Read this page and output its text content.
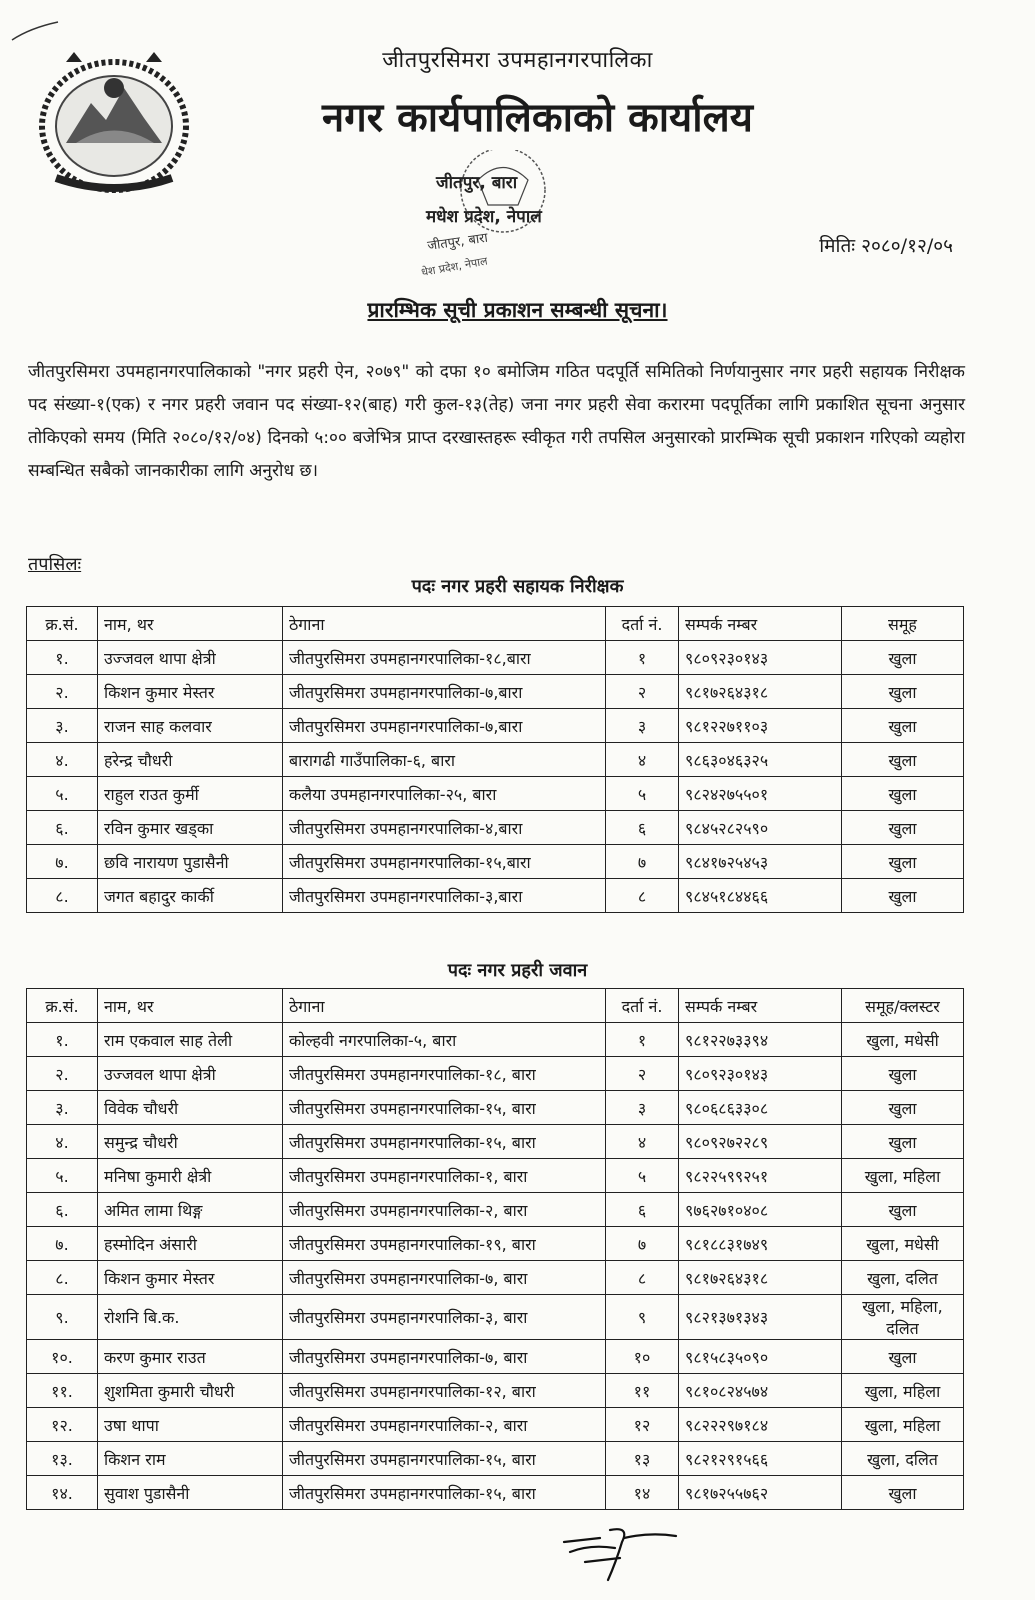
जीतपुरसिमरा उपमहानगरपालिका
नगर कार्यपालिकाको कार्यालय
जीतपुर, बारा
मधेश प्रदेश, नेपाल
जीतपुर, बारा
धेश प्रदेश, नेपाल
मितिः २०८०/१२/०५
प्रारम्भिक सूची प्रकाशन सम्बन्धी सूचना।
जीतपुरसिमरा उपमहानगरपालिकाको "नगर प्रहरी ऐन, २०७९" को दफा १० बमोजिम गठित पदपूर्ति समितिको निर्णयानुसार नगर प्रहरी सहायक निरीक्षक पद संख्या-१(एक) र नगर प्रहरी जवान पद संख्या-१२(बाह) गरी कुल-१३(तेह) जना नगर प्रहरी सेवा करारमा पदपूर्तिका लागि प्रकाशित सूचना अनुसार तोकिएको समय (मिति २०८०/१२/०४) दिनको ५:०० बजेभित्र प्राप्त दरखास्तहरू स्वीकृत गरी तपसिल अनुसारको प्रारम्भिक सूची प्रकाशन गरिएको व्यहोरा सम्बन्धित सबैको जानकारीका लागि अनुरोध छ।
तपसिलः
पदः नगर प्रहरी सहायक निरीक्षक
क्र.सं.	नाम, थर	ठेगाना	दर्ता नं.	सम्पर्क नम्बर	समूह
१.	उज्जवल थापा क्षेत्री	जीतपुरसिमरा उपमहानगरपालिका-१८,बारा	१	९८०९२३०१४३	खुला
२.	किशन कुमार मेस्तर	जीतपुरसिमरा उपमहानगरपालिका-७,बारा	२	९८१७२६४३१८	खुला
३.	राजन साह कलवार	जीतपुरसिमरा उपमहानगरपालिका-७,बारा	३	९८१२२७११०३	खुला
४.	हरेन्द्र चौधरी	बारागढी गाउँपालिका-६, बारा	४	९८६३०४६३२५	खुला
५.	राहुल राउत कुर्मी	कलैया उपमहानगरपालिका-२५, बारा	५	९८२४२७५५०१	खुला
६.	रविन कुमार खड्का	जीतपुरसिमरा उपमहानगरपालिका-४,बारा	६	९८४५२८२५९०	खुला
७.	छवि नारायण पुडासैनी	जीतपुरसिमरा उपमहानगरपालिका-१५,बारा	७	९८४१७२५४५३	खुला
८.	जगत बहादुर कार्की	जीतपुरसिमरा उपमहानगरपालिका-३,बारा	८	९८४५१८४४६६	खुला
पदः नगर प्रहरी जवान
क्र.सं.	नाम, थर	ठेगाना	दर्ता नं.	सम्पर्क नम्बर	समूह/क्लस्टर
१.	राम एकवाल साह तेली	कोल्हवी नगरपालिका-५, बारा	१	९८१२२७३३९४	खुला, मधेसी
२.	उज्जवल थापा क्षेत्री	जीतपुरसिमरा उपमहानगरपालिका-१८, बारा	२	९८०९२३०१४३	खुला
३.	विवेक चौधरी	जीतपुरसिमरा उपमहानगरपालिका-१५, बारा	३	९८०६८६३३०८	खुला
४.	समुन्द्र चौधरी	जीतपुरसिमरा उपमहानगरपालिका-१५, बारा	४	९८०९२७२२८९	खुला
५.	मनिषा कुमारी क्षेत्री	जीतपुरसिमरा उपमहानगरपालिका-१, बारा	५	९८२२५९९२५१	खुला, महिला
६.	अमित लामा थिङ्ग	जीतपुरसिमरा उपमहानगरपालिका-२, बारा	६	९७६२७१०४०८	खुला
७.	हस्मोदिन अंसारी	जीतपुरसिमरा उपमहानगरपालिका-१९, बारा	७	९८१८८३१७४९	खुला, मधेसी
८.	किशन कुमार मेस्तर	जीतपुरसिमरा उपमहानगरपालिका-७, बारा	८	९८१७२६४३१८	खुला, दलित
९.	रोशनि बि.क.	जीतपुरसिमरा उपमहानगरपालिका-३, बारा	९	९८२१३७१३४३	खुला, महिला, दलित
१०.	करण कुमार राउत	जीतपुरसिमरा उपमहानगरपालिका-७, बारा	१०	९८१५८३५०९०	खुला
११.	शुशमिता कुमारी चौधरी	जीतपुरसिमरा उपमहानगरपालिका-१२, बारा	११	९८१०८२४५७४	खुला, महिला
१२.	उषा थापा	जीतपुरसिमरा उपमहानगरपालिका-२, बारा	१२	९८२२२९७१८४	खुला, महिला
१३.	किशन राम	जीतपुरसिमरा उपमहानगरपालिका-१५, बारा	१३	९८२१२९१५६६	खुला, दलित
१४.	सुवाश पुडासैनी	जीतपुरसिमरा उपमहानगरपालिका-१५, बारा	१४	९८१७२५५७६२	खुला
